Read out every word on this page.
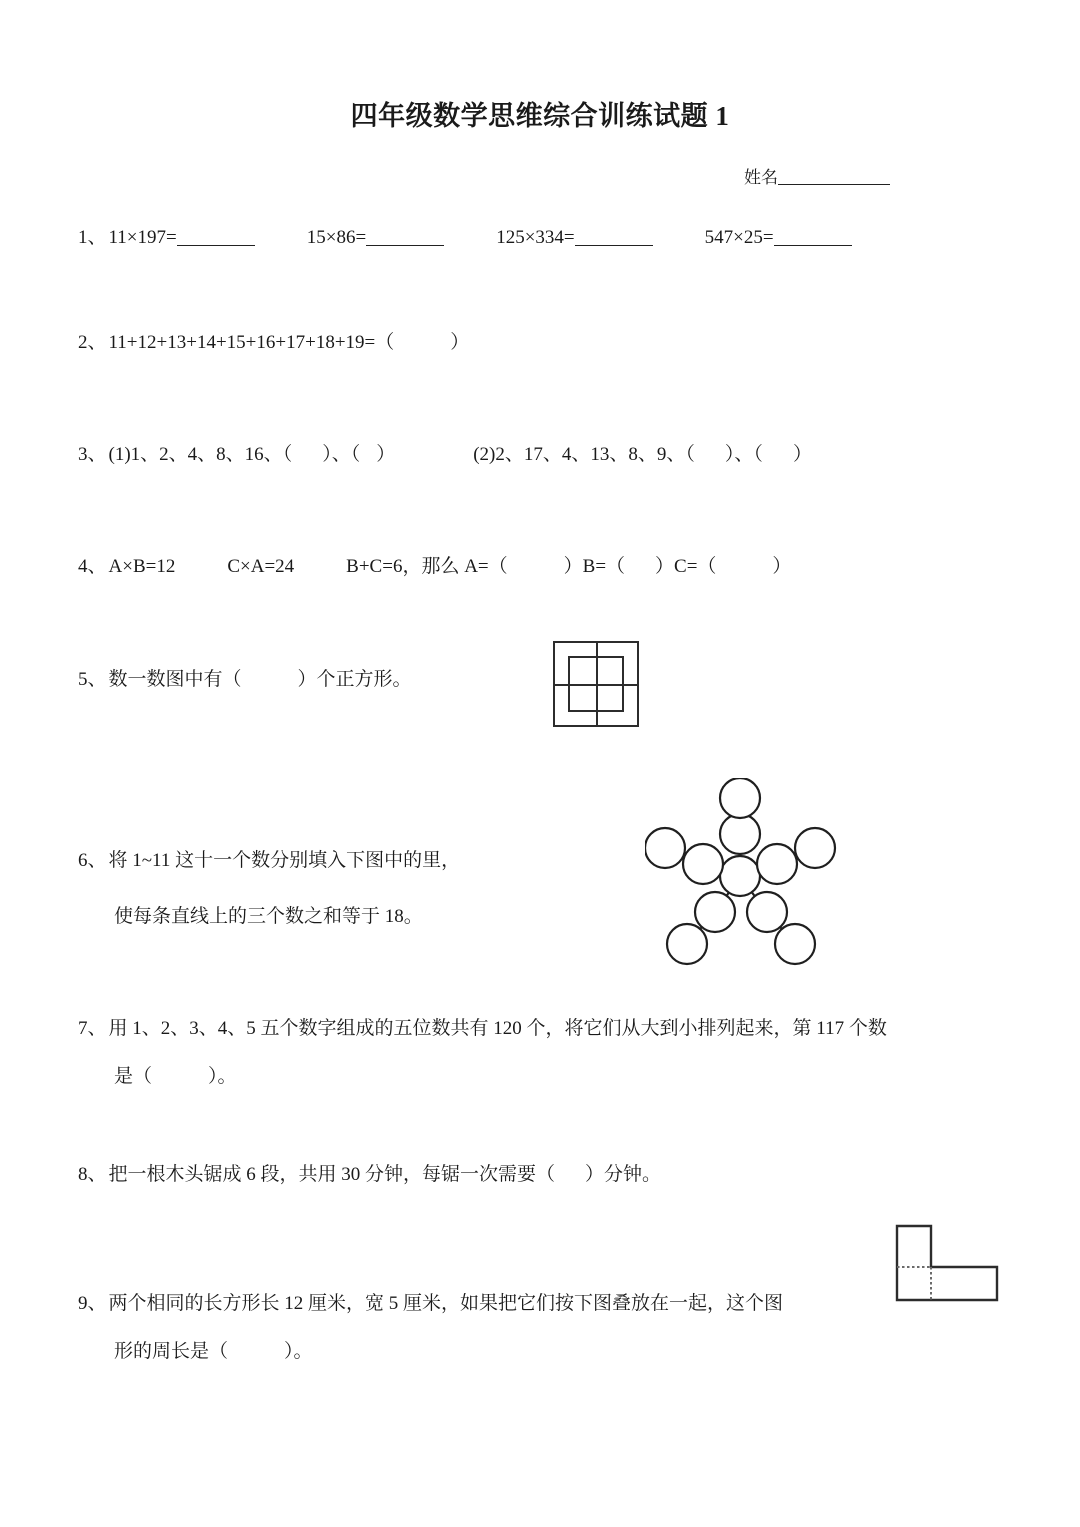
四年级数学思维综合训练试题 1
姓名
1、 11×197=	15×86=	125×334=	547×25=
2、 11+12+13+14+15+16+17+18+19=（	）
3、 (1)1、2、4、8、16、（ ）、（ ）	(2)2、17、4、13、8、9、（ ）、（ ）
4、 A×B=12	C×A=24	B+C=6，那么 A=（	）B=（ ）C=（	）
5、 数一数图中有（	）个正方形。
6、 将 1~11 这十一个数分别填入下图中的里，
使每条直线上的三个数之和等于 18。
7、 用 1、2、3、4、5 五个数字组成的五位数共有 120 个，将它们从大到小排列起来，第 117 个数
是（	）。
8、 把一根木头锯成 6 段，共用 30 分钟，每锯一次需要（ ）分钟。
9、 两个相同的长方形长 12 厘米，宽 5 厘米，如果把它们按下图叠放在一起，这个图
形的周长是（	）。
